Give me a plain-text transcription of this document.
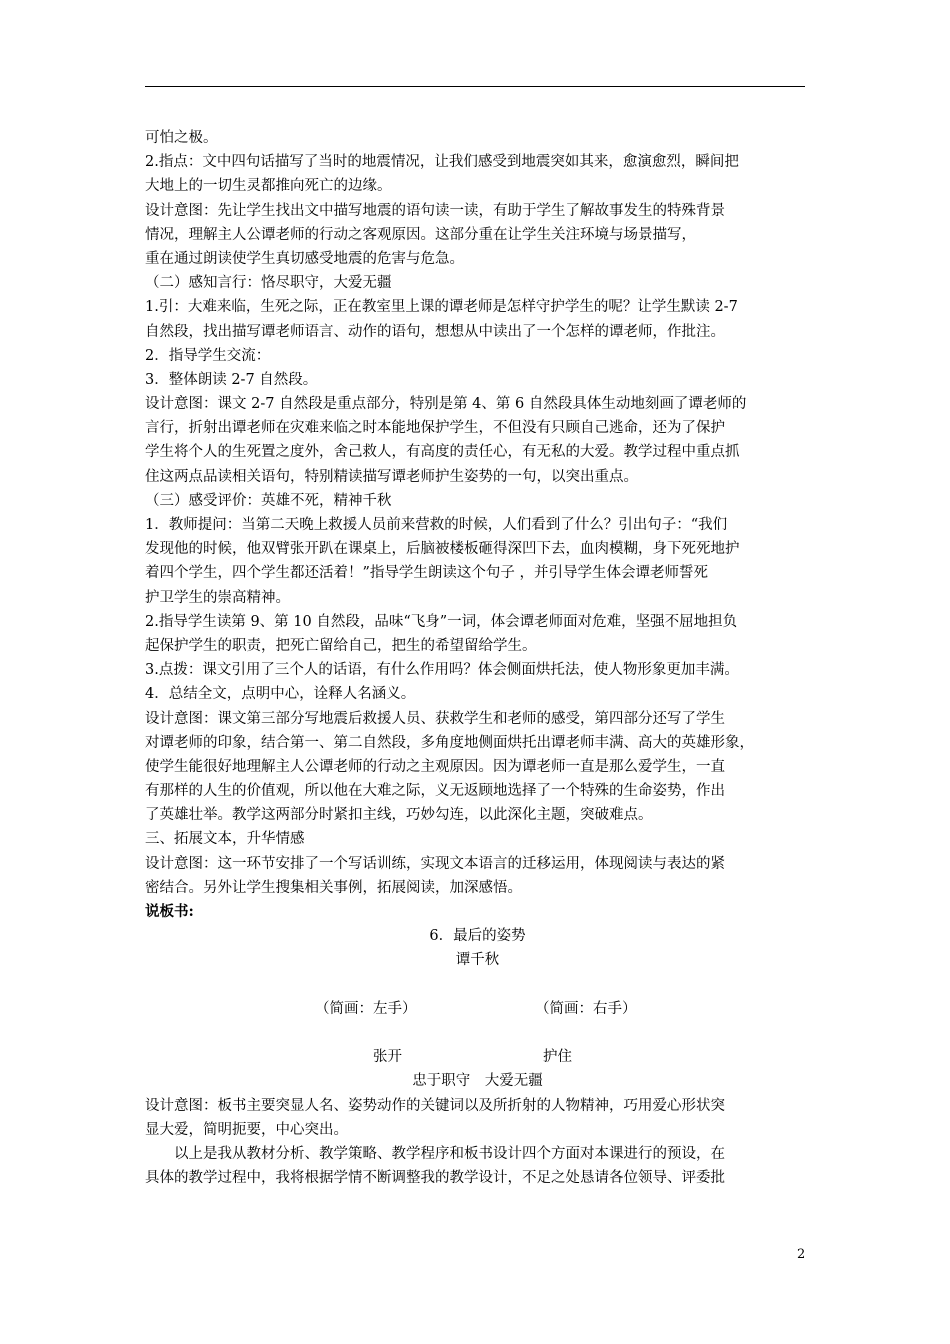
可怕之极。
2.指点：文中四句话描写了当时的地震情况，让我们感受到地震突如其来，愈演愈烈，瞬间把
大地上的一切生灵都推向死亡的边缘。
设计意图：先让学生找出文中描写地震的语句读一读，有助于学生了解故事发生的特殊背景
情况，理解主人公谭老师的行动之客观原因。这部分重在让学生关注环境与场景描写，
重在通过朗读使学生真切感受地震的危害与危急。
（二）感知言行：恪尽职守，大爱无疆
1.引：大难来临，生死之际，正在教室里上课的谭老师是怎样守护学生的呢？让学生默读 2-7
自然段，找出描写谭老师语言、动作的语句，想想从中读出了一个怎样的谭老师，作批注。
2．指导学生交流：
3．整体朗读 2-7 自然段。
设计意图：课文 2-7 自然段是重点部分，特别是第 4、第 6 自然段具体生动地刻画了谭老师的
言行，折射出谭老师在灾难来临之时本能地保护学生，不但没有只顾自己逃命，还为了保护
学生将个人的生死置之度外，舍己救人，有高度的责任心，有无私的大爱。教学过程中重点抓
住这两点品读相关语句，特别精读描写谭老师护生姿势的一句，以突出重点。
（三）感受评价：英雄不死，精神千秋
1．教师提问：当第二天晚上救援人员前来营救的时候，人们看到了什么？引出句子：“我们
发现他的时候，他双臂张开趴在课桌上，后脑被楼板砸得深凹下去，血肉模糊，身下死死地护
着四个学生，四个学生都还活着！”指导学生朗读这个句子 ，并引导学生体会谭老师誓死
护卫学生的崇高精神。
2.指导学生读第 9、第 10 自然段，品味“飞身”一词，体会谭老师面对危难，坚强不屈地担负
起保护学生的职责，把死亡留给自己，把生的希望留给学生。
3.点拨：课文引用了三个人的话语，有什么作用吗？体会侧面烘托法，使人物形象更加丰满。
4．总结全文，点明中心，诠释人名涵义。
设计意图：课文第三部分写地震后救援人员、获救学生和老师的感受，第四部分还写了学生
对谭老师的印象，结合第一、第二自然段，多角度地侧面烘托出谭老师丰满、高大的英雄形象，
使学生能很好地理解主人公谭老师的行动之主观原因。因为谭老师一直是那么爱学生，一直
有那样的人生的价值观，所以他在大难之际，义无返顾地选择了一个特殊的生命姿势，作出
了英雄壮举。教学这两部分时紧扣主线，巧妙勾连，以此深化主题，突破难点。
三、拓展文本，升华情感
设计意图：这一环节安排了一个写话训练，实现文本语言的迁移运用，体现阅读与表达的紧
密结合。另外让学生搜集相关事例，拓展阅读，加深感悟。
说板书:
6．最后的姿势
谭千秋
（简画：左手）	（简画：右手）
张开	护住
忠于职守　大爱无疆
设计意图：板书主要突显人名、姿势动作的关键词以及所折射的人物精神，巧用爱心形状突
显大爱，简明扼要，中心突出。
以上是我从教材分析、教学策略、教学程序和板书设计四个方面对本课进行的预设，在
具体的教学过程中，我将根据学情不断调整我的教学设计，不足之处恳请各位领导、评委批
2
